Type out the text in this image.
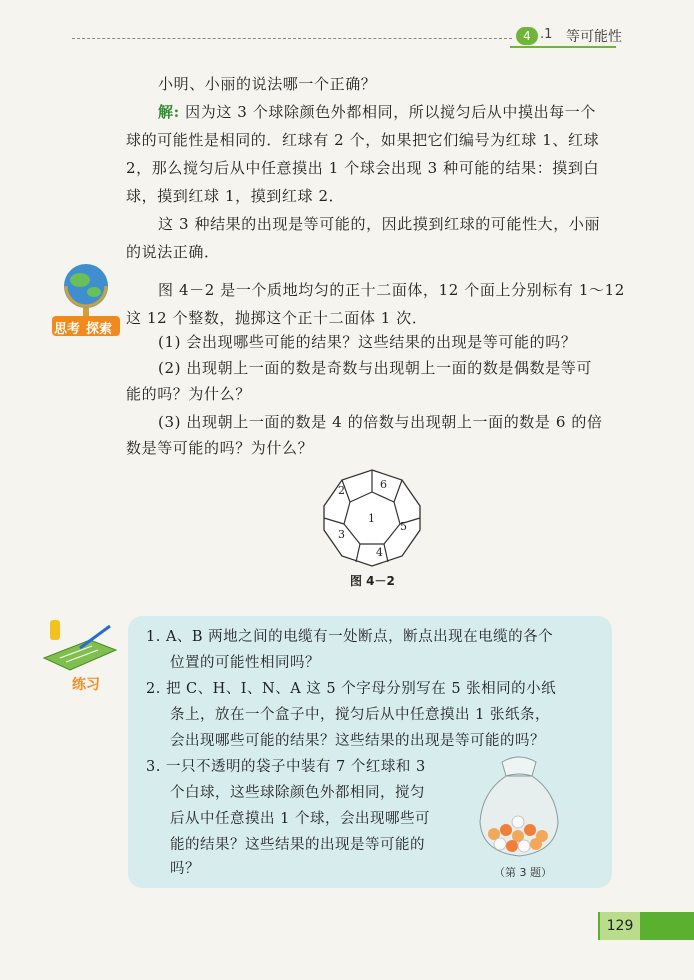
4 .1 等可能性
小明、小丽的说法哪一个正确？
解: 因为这 3 个球除颜色外都相同，所以搅匀后从中摸出每一个
球的可能性是相同的．红球有 2 个，如果把它们编号为红球 1、红球
2，那么搅匀后从中任意摸出 1 个球会出现 3 种可能的结果：摸到白
球，摸到红球 1，摸到红球 2．
这 3 种结果的出现是等可能的，因此摸到红球的可能性大，小丽
的说法正确．
思考 探索
图 4－2 是一个质地均匀的正十二面体，12 个面上分别标有 1～12
这 12 个整数，抛掷这个正十二面体 1 次．
(1) 会出现哪些可能的结果？这些结果的出现是等可能的吗？
(2) 出现朝上一面的数是奇数与出现朝上一面的数是偶数是等可
能的吗？为什么？
(3) 出现朝上一面的数是 4 的倍数与出现朝上一面的数是 6 的倍
数是等可能的吗？为什么？
2	6
1
3
5
4
图 4－2
练习
1. A、B 两地之间的电缆有一处断点，断点出现在电缆的各个
位置的可能性相同吗？
2. 把 C、H、I、N、A 这 5 个字母分别写在 5 张相同的小纸
条上，放在一个盒子中，搅匀后从中任意摸出 1 张纸条，
会出现哪些可能的结果？这些结果的出现是等可能的吗？
3. 一只不透明的袋子中装有 7 个红球和 3
个白球，这些球除颜色外都相同，搅匀
后从中任意摸出 1 个球，会出现哪些可
能的结果？这些结果的出现是等可能的
吗？	（第 3 题）
129
